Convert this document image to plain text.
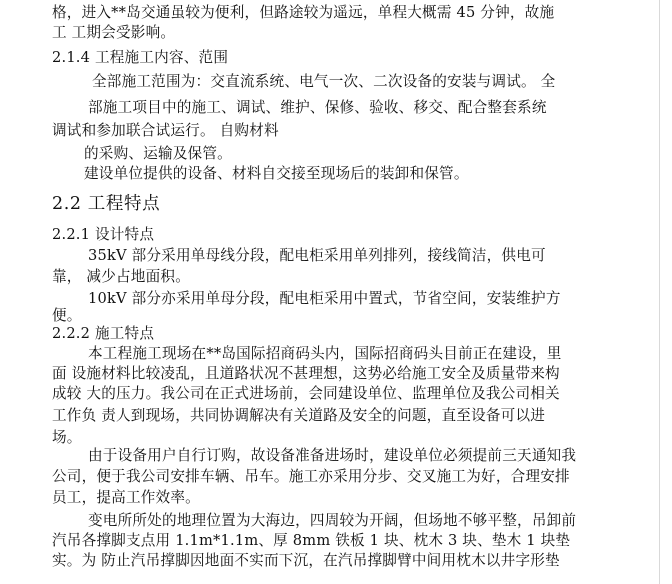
格，进入**岛交通虽较为便利，但路途较为遥远，单程大概需 45 分钟，故施
工 工期会受影响。
2.1.4 工程施工内容、范围
全部施工范围为：交直流系统、电气一次、二次设备的安装与调试。 全
部施工项目中的施工、调试、维护、保修、验收、移交、配合整套系统
调试和参加联合试运行。 自购材料
的采购、运输及保管。
建设单位提供的设备、材料自交接至现场后的装卸和保管。
2.2 工程特点
2.2.1 设计特点
35kV 部分采用单母线分段，配电柜采用单列排列，接线简洁，供电可
靠， 减少占地面积。
10kV 部分亦采用单母分段，配电柜采用中置式，节省空间，安装维护方
便。
2.2.2 施工特点
本工程施工现场在**岛国际招商码头内，国际招商码头目前正在建设，里
面 设施材料比较凌乱，且道路状况不甚理想，这势必给施工安全及质量带来构
成较 大的压力。我公司在正式进场前，会同建设单位、监理单位及我公司相关
工作负 责人到现场，共同协调解决有关道路及安全的问题，直至设备可以进
场。
由于设备用户自行订购，故设备准备进场时，建设单位必须提前三天通知我
公司，便于我公司安排车辆、吊车。施工亦采用分步、交叉施工为好，合理安排
员工，提高工作效率。
变电所所处的地理位置为大海边，四周较为开阔，但场地不够平整，吊卸前
汽吊各撑脚支点用 1.1m*1.1m、厚 8mm 铁板 1 块、枕木 3 块、垫木 1 块垫
实。为 防止汽吊撑脚因地面不实而下沉，在汽吊撑脚臂中间用枕木以井字形垫
